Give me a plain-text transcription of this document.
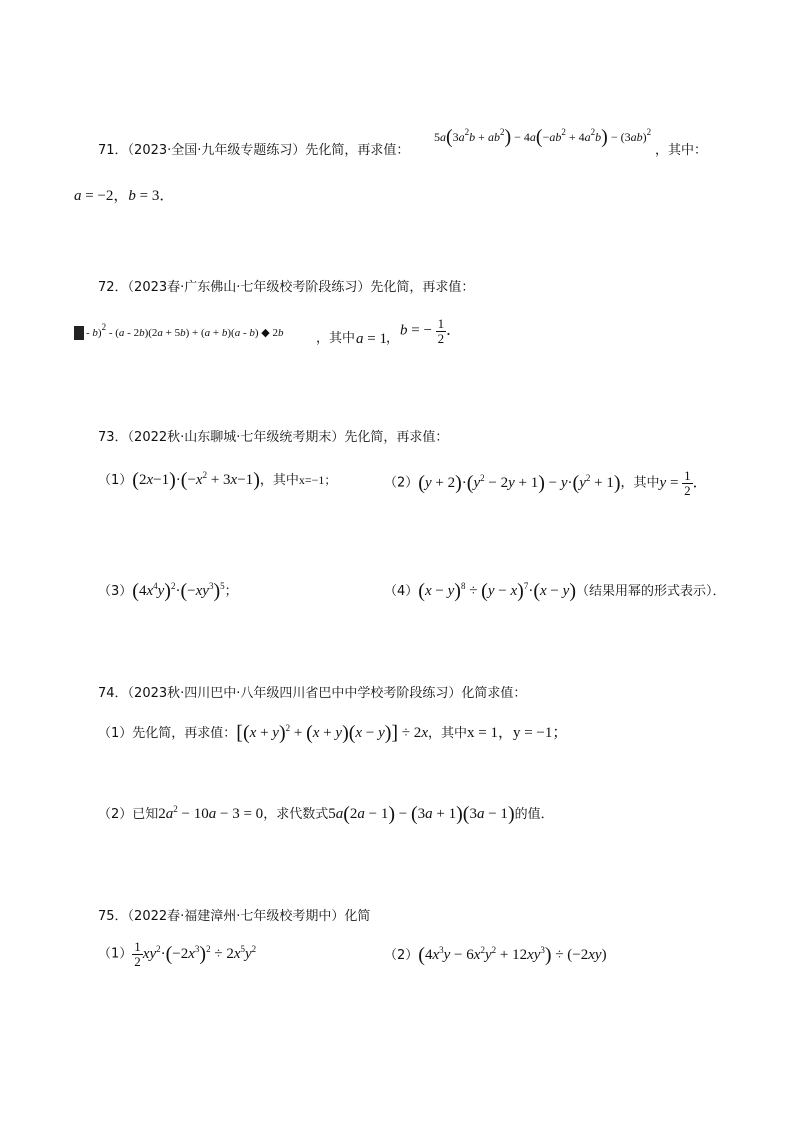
71．（2023·全国·九年级专题练习）先化简，再求值：
$5a(3a^2b + ab^2) - 4a(-ab^2 + 4a^2b) - (3ab)^2$
，其中：
a = −2，b = 3．
72．（2023春·广东佛山·七年级校考阶段练习）先化简，再求值：
- b)$^2$ - (a - 2b)(2a + 5b) + (a + b)(a - b) ◆ 2b ，其中 a = 1 ， b = − $\frac{1}{2}$ ．
73．（2022秋·山东聊城·七年级统考期末）先化简，再求值：
$(1)(2x-1)\cdot(-x^2 + 3x-1)$，其中x=−1；	$(2)(y + 2)\cdot(y^2 - 2y + 1) - y\cdot(y^2 + 1)$，其中$y = \frac{1}{2}$ ．
$(3)(4x^4y)^2\cdot(-xy^3)^5$；	$(4)(x - y)^8 \div (y - x)^7\cdot(x - y)$（结果用幂的形式表示）．
74．（2023秋·四川巴中·八年级四川省巴中中学校考阶段练习）化简求值：
（1）先化简，再求值：$[(x + y)^2 + (x + y)(x - y)] \div 2x$，其中x = 1，y = −1；
（2）已知$2a^2 - 10a - 3 = 0$，求代数式5a(2a − 1) − (3a + 1)(3a − 1)的值．
75．（2022春·福建漳州·七年级校考期中）化简
$(1) \frac{1}{2} xy^2\cdot(-2x^3)^2 \div 2x^5y^2$	$(2)(4x^3y - 6x^2y^2 + 12xy^3) \div (-2xy)$
